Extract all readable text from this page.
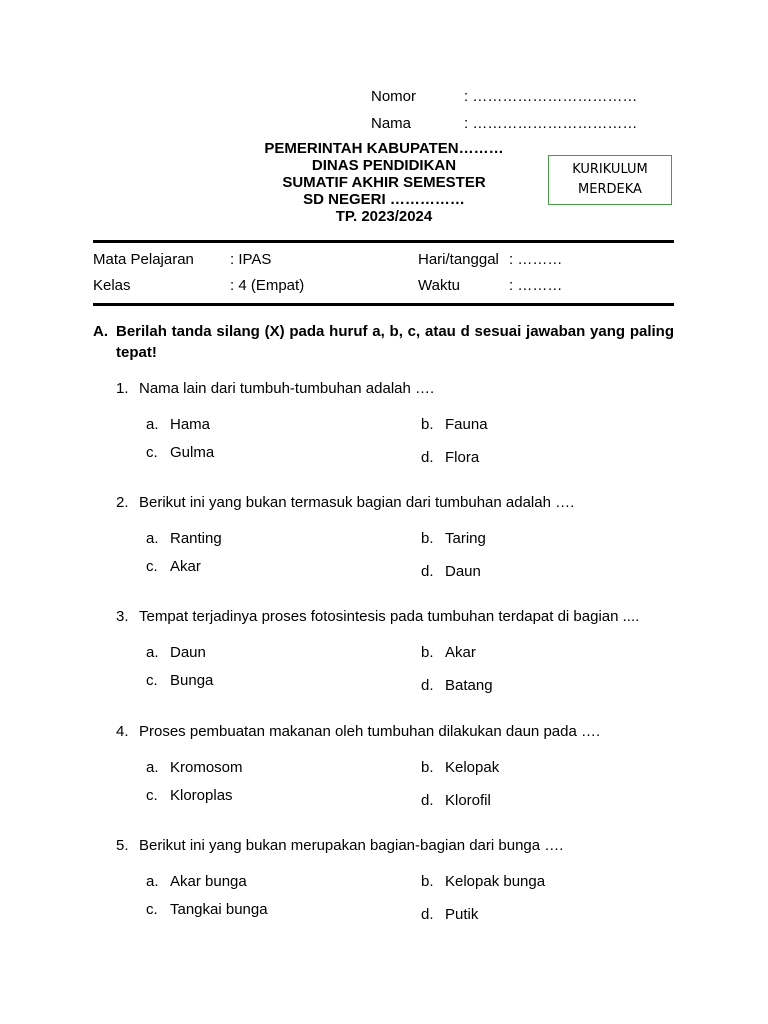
Nomor	: ……………………………
Nama	: ……………………………
PEMERINTAH KABUPATEN………
DINAS PENDIDIKAN
SUMATIF AKHIR SEMESTER
SD NEGERI ……………
TP. 2023/2024
KURIKULUM
MERDEKA
Mata Pelajaran : IPAS	Hari/tanggal : ………
Kelas	: 4 (Empat)	Waktu	: ………
A. Berilah tanda silang (X) pada huruf a, b, c, atau d sesuai jawaban yang paling tepat!
1. Nama lain dari tumbuh-tumbuhan adalah ….
a. Hama	b. Fauna
c. Gulma	d. Flora
2. Berikut ini yang bukan termasuk bagian dari tumbuhan adalah ….
a. Ranting	b. Taring
c. Akar	d. Daun
3. Tempat terjadinya proses fotosintesis pada tumbuhan terdapat di bagian ....
a. Daun	b. Akar
c. Bunga	d. Batang
4. Proses pembuatan makanan oleh tumbuhan dilakukan daun pada ….
a. Kromosom	b. Kelopak
c. Kloroplas	d. Klorofil
5. Berikut ini yang bukan merupakan bagian-bagian dari bunga ….
a. Akar bunga	b. Kelopak bunga
c. Tangkai bunga	d. Putik
